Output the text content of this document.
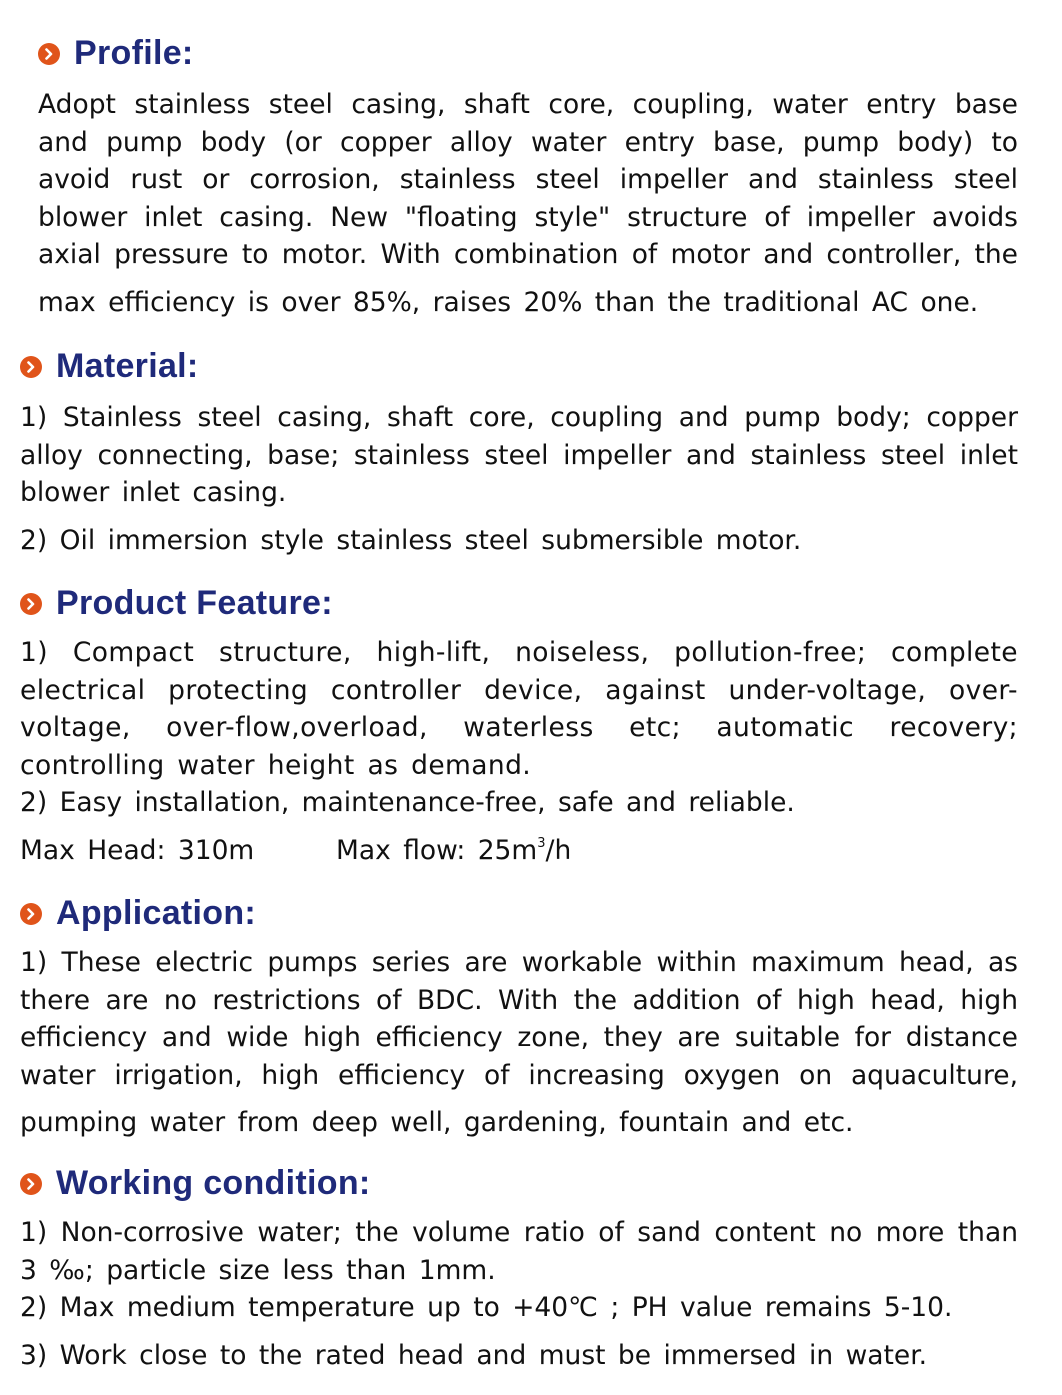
Profile:

Adopt stainless steel casing, shaft core, coupling, water entry base and pump body (or copper alloy water entry base, pump body) to avoid rust or corrosion, stainless steel impeller and stainless steel blower inlet casing. New "floating style" structure of impeller avoids axial pressure to motor. With combination of motor and controller, the

max efficiency is over 85%, raises 20% than the traditional AC one.

Material:

1) Stainless steel casing, shaft core, coupling and pump body; copper alloy connecting, base; stainless steel impeller and stainless steel inlet blower inlet casing.

2) Oil immersion style stainless steel submersible motor.

Product Feature:

1) Compact structure, high-lift, noiseless, pollution-free; complete electrical protecting controller device, against under-voltage, over-voltage, over-flow,overload, waterless etc; automatic recovery; controlling water height as demand.

2) Easy installation, maintenance-free, safe and reliable.

Max Head: 310m	Max flow: $25m^3/h$

Application:

1) These electric pumps series are workable within maximum head, as there are no restrictions of BDC. With the addition of high head, high efficiency and wide high efficiency zone, they are suitable for distance water irrigation, high efficiency of increasing oxygen on aquaculture,

pumping water from deep well, gardening, fountain and etc.

Working condition:

1) Non-corrosive water; the volume ratio of sand content no more than 3 ‰; particle size less than 1mm.

2) Max medium temperature up to +40℃ ; PH value remains 5-10.

3) Work close to the rated head and must be immersed in water.
